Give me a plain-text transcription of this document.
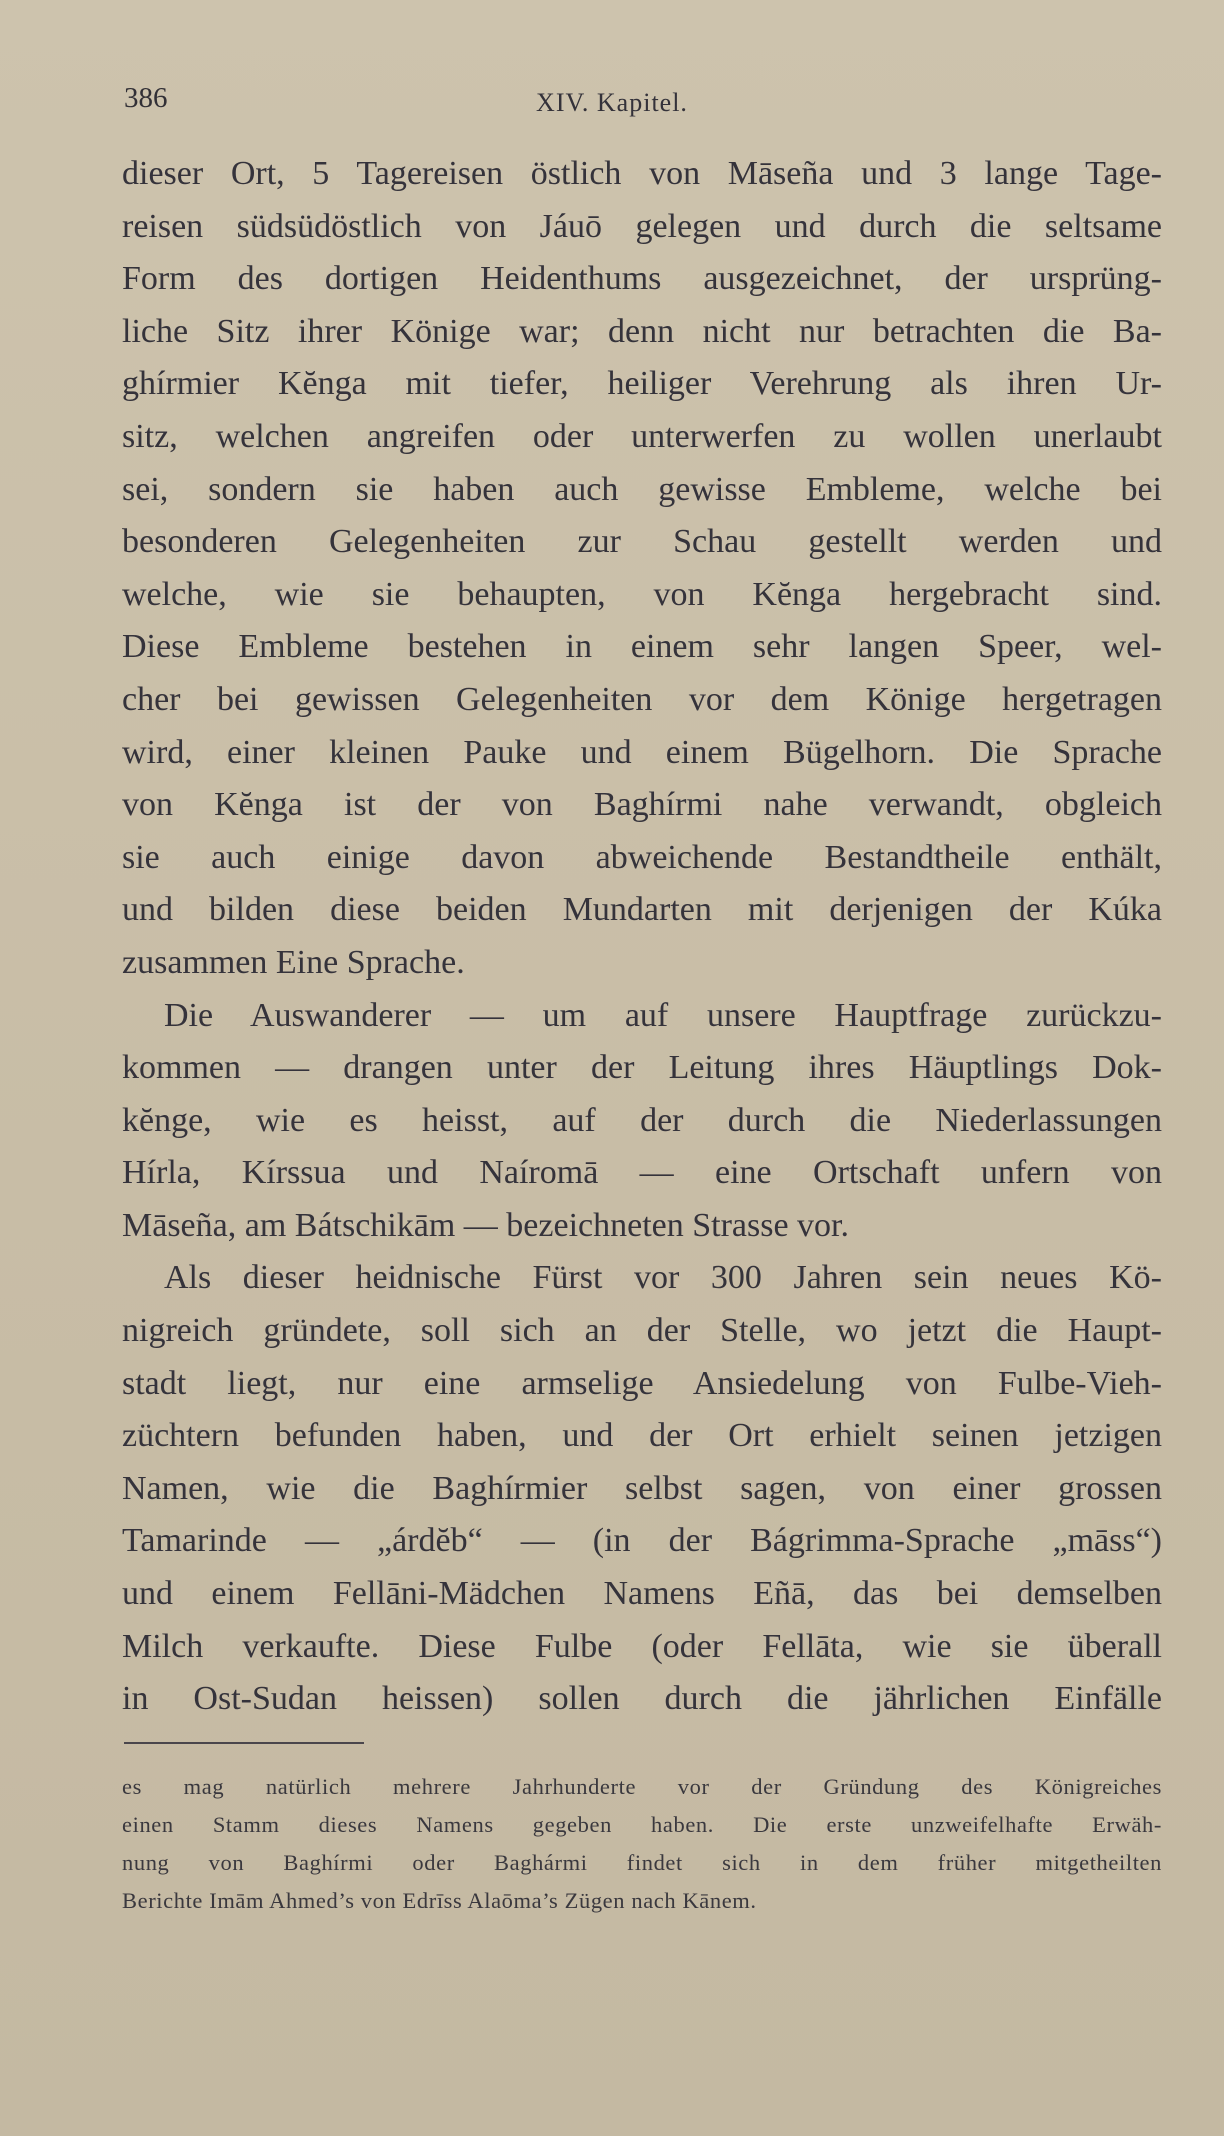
386	XIV. Kapitel.
dieser Ort, 5 Tagereisen östlich von Māseña und 3 lange Tage-
reisen südsüdöstlich von Jáuō gelegen und durch die seltsame
Form des dortigen Heidenthums ausgezeichnet, der ursprüng-
liche Sitz ihrer Könige war; denn nicht nur betrachten die Ba-
ghírmier Kĕnga mit tiefer, heiliger Verehrung als ihren Ur-
sitz, welchen angreifen oder unterwerfen zu wollen unerlaubt
sei, sondern sie haben auch gewisse Embleme, welche bei
besonderen Gelegenheiten zur Schau gestellt werden und
welche, wie sie behaupten, von Kĕnga hergebracht sind.
Diese Embleme bestehen in einem sehr langen Speer, wel-
cher bei gewissen Gelegenheiten vor dem Könige hergetragen
wird, einer kleinen Pauke und einem Bügelhorn. Die Sprache
von Kĕnga ist der von Baghírmi nahe verwandt, obgleich
sie auch einige davon abweichende Bestandtheile enthält,
und bilden diese beiden Mundarten mit derjenigen der Kúka
zusammen Eine Sprache.
Die Auswanderer — um auf unsere Hauptfrage zurückzu-
kommen — drangen unter der Leitung ihres Häuptlings Dok-
kĕnge, wie es heisst, auf der durch die Niederlassungen
Hírla, Kírssua und Naíromā — eine Ortschaft unfern von
Māseña, am Bátschikām — bezeichneten Strasse vor.
Als dieser heidnische Fürst vor 300 Jahren sein neues Kö-
nigreich gründete, soll sich an der Stelle, wo jetzt die Haupt-
stadt liegt, nur eine armselige Ansiedelung von Fulbe-Vieh-
züchtern befunden haben, und der Ort erhielt seinen jetzigen
Namen, wie die Baghírmier selbst sagen, von einer grossen
Tamarinde — „árdĕb“ — (in der Bágrimma-Sprache „māss“)
und einem Fellāni-Mädchen Namens Eñā, das bei demselben
Milch verkaufte. Diese Fulbe (oder Fellāta, wie sie überall
in Ost-Sudan heissen) sollen durch die jährlichen Einfälle
es mag natürlich mehrere Jahrhunderte vor der Gründung des Königreiches
einen Stamm dieses Namens gegeben haben. Die erste unzweifelhafte Erwäh-
nung von Baghírmi oder Baghármi findet sich in dem früher mitgetheilten
Berichte Imām Ahmed’s von Edrīss Alaōma’s Zügen nach Kānem.
